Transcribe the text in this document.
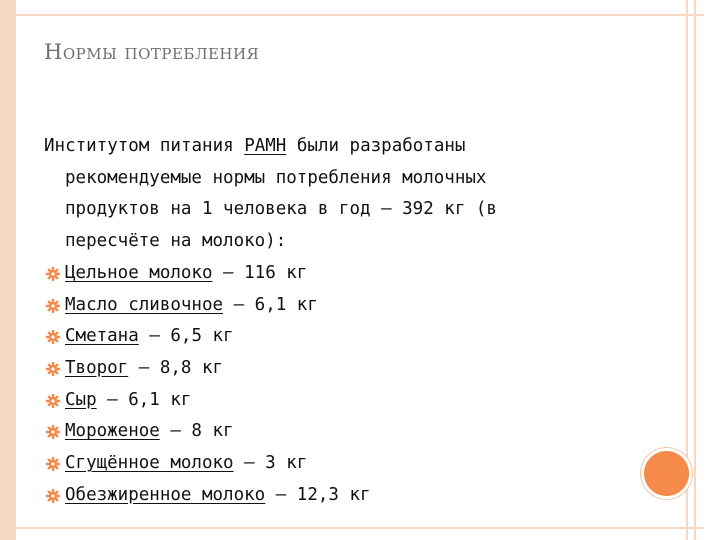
Нормы потребления
Институтом питания РАМН были разработаны
рекомендуемые нормы потребления молочных
продуктов на 1 человека в год — 392 кг (в
пересчёте на молоко):
Цельное молоко — 116 кг
Масло сливочное — 6,1 кг
Сметана — 6,5 кг
Творог — 8,8 кг
Сыр — 6,1 кг
Мороженое — 8 кг
Сгущённое молоко — 3 кг
Обезжиренное молоко — 12,3 кг
